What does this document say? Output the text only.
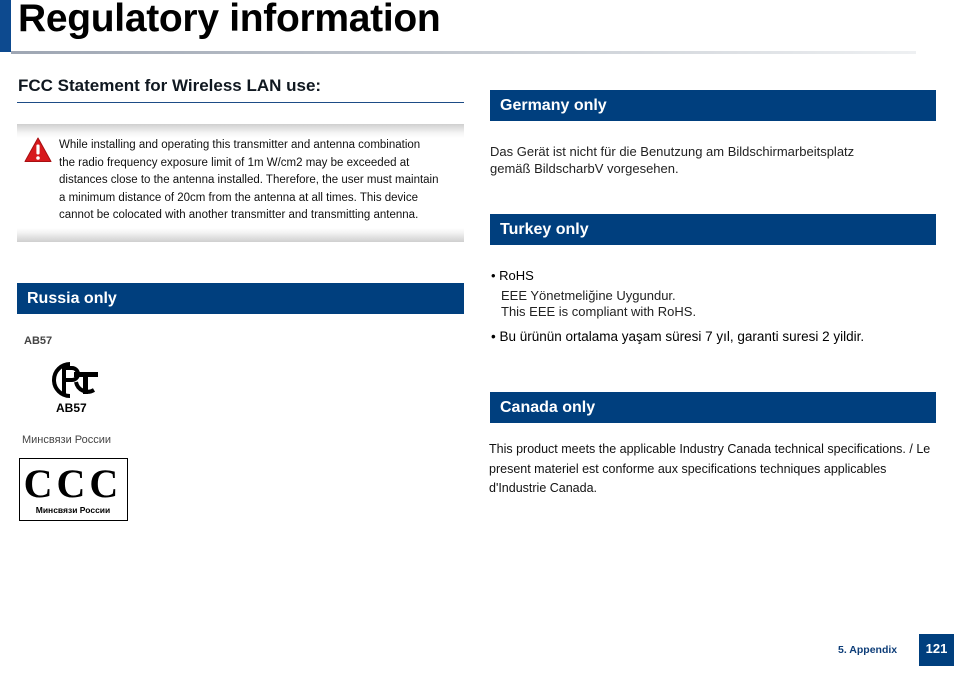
Regulatory information
FCC Statement for Wireless LAN use:
While installing and operating this transmitter and antenna combination
the radio frequency exposure limit of 1m W/cm2 may be exceeded at
distances close to the antenna installed. Therefore, the user must maintain
a minimum distance of 20cm from the antenna at all times. This device
cannot be colocated with another transmitter and transmitting antenna.
Russia only
AB57
AB57
Минсвязи России
CCC
Минсвязи России
Germany only
Das Gerät ist nicht für die Benutzung am Bildschirmarbeitsplatz
gemäß BildscharbV vorgesehen.
Turkey only
• RoHS
EEE Yönetmeliğine Uygundur.
This EEE is compliant with RoHS.
• Bu ürünün ortalama yaşam süresi 7 yıl, garanti suresi 2 yildir.
Canada only
This product meets the applicable Industry Canada technical specifications. / Le
present materiel est conforme aux specifications techniques applicables
d'Industrie Canada.
5. Appendix	121
